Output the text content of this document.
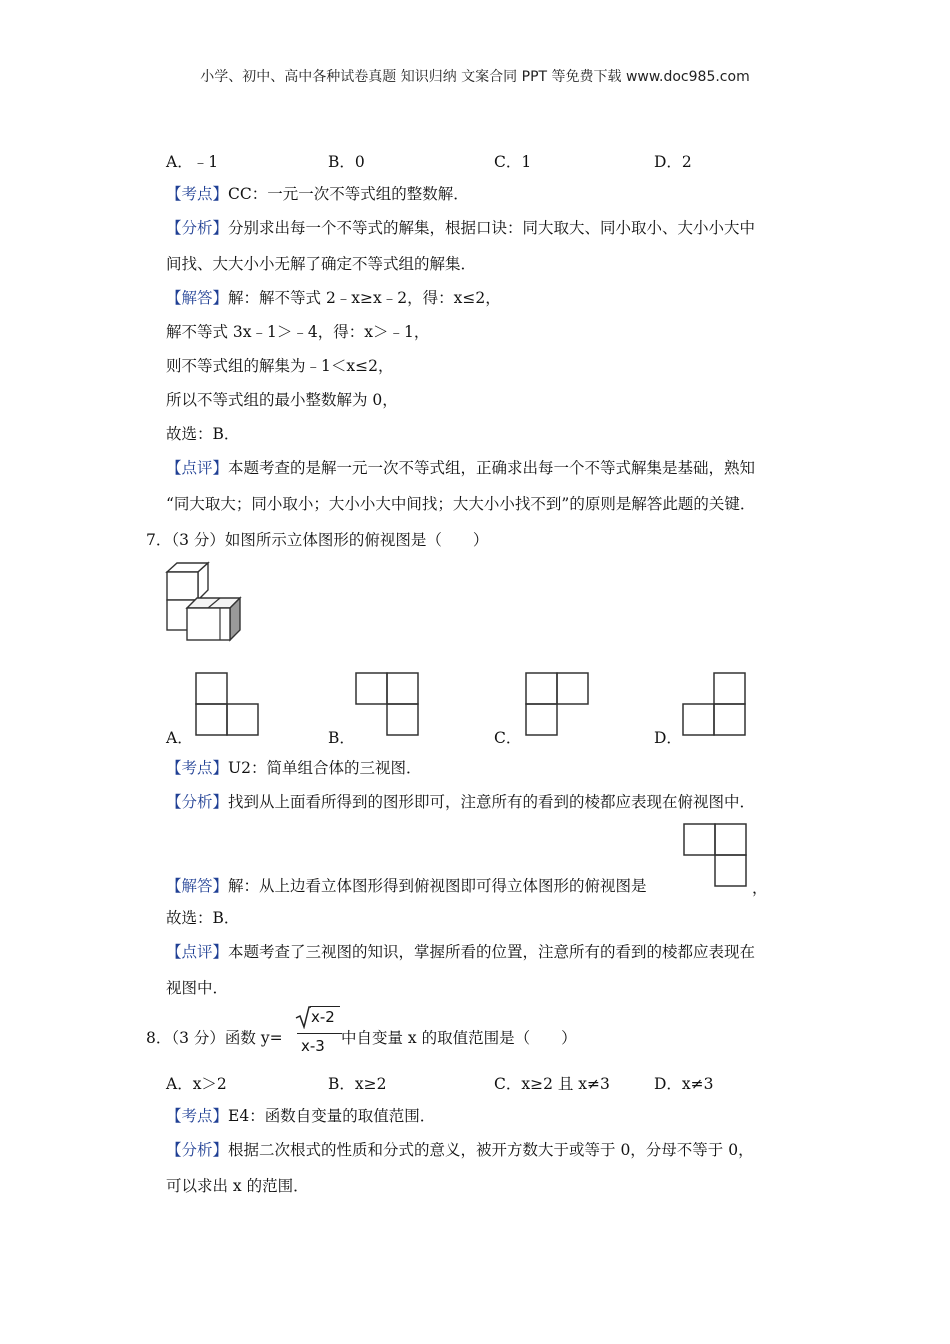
小学、初中、高中各种试卷真题 知识归纳 文案合同 PPT 等免费下载 www.doc985.com
A．﹣1	B．0	C．1	D．2
【考点】CC：一元一次不等式组的整数解．
【分析】分别求出每一个不等式的解集，根据口诀：同大取大、同小取小、大小小大中
间找、大大小小无解了确定不等式组的解集．
【解答】解：解不等式 2﹣x≥x﹣2，得：x≤2，
解不等式 3x﹣1＞﹣4，得：x＞﹣1，
则不等式组的解集为﹣1＜x≤2，
所以不等式组的最小整数解为 0，
故选：B．
【点评】本题考查的是解一元一次不等式组，正确求出每一个不等式解集是基础，熟知
“同大取大；同小取小；大小小大中间找；大大小小找不到”的原则是解答此题的关键．
7．（3 分）如图所示立体图形的俯视图是（　　）
A．	B．	C．	D．
【考点】U2：简单组合体的三视图．
【分析】找到从上面看所得到的图形即可，注意所有的看到的棱都应表现在俯视图中．
【解答】解：从上边看立体图形得到俯视图即可得立体图形的俯视图是	，
故选：B．
【点评】本题考查了三视图的知识，掌握所看的位置，注意所有的看到的棱都应表现在
视图中．
8．（3 分）函数 y=
x-2
x-3 中自变量 x 的取值范围是（　　）
A．x＞2	B．x≥2	C．x≥2 且 x≠3	D．x≠3
【考点】E4：函数自变量的取值范围．
【分析】根据二次根式的性质和分式的意义，被开方数大于或等于 0，分母不等于 0，
可以求出 x 的范围．
